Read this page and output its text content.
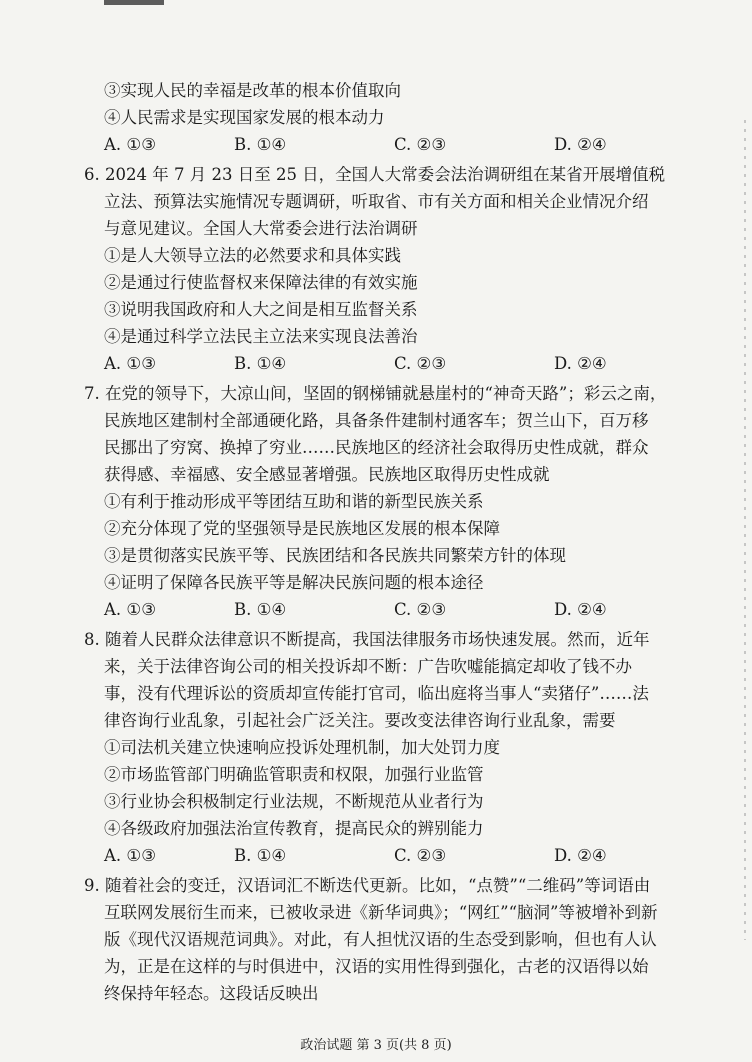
③实现人民的幸福是改革的根本价值取向
④人民需求是实现国家发展的根本动力
A. ①③	B. ①④	C. ②③	D. ②④
6. 2024 年 7 月 23 日至 25 日，全国人大常委会法治调研组在某省开展增值税
立法、预算法实施情况专题调研，听取省、市有关方面和相关企业情况介绍
与意见建议。全国人大常委会进行法治调研
①是人大领导立法的必然要求和具体实践
②是通过行使监督权来保障法律的有效实施
③说明我国政府和人大之间是相互监督关系
④是通过科学立法民主立法来实现良法善治
A. ①③	B. ①④	C. ②③	D. ②④
7. 在党的领导下，大凉山间，坚固的钢梯铺就悬崖村的“神奇天路”；彩云之南，
民族地区建制村全部通硬化路，具备条件建制村通客车；贺兰山下，百万移
民挪出了穷窝、换掉了穷业……民族地区的经济社会取得历史性成就，群众
获得感、幸福感、安全感显著增强。民族地区取得历史性成就
①有利于推动形成平等团结互助和谐的新型民族关系
②充分体现了党的坚强领导是民族地区发展的根本保障
③是贯彻落实民族平等、民族团结和各民族共同繁荣方针的体现
④证明了保障各民族平等是解决民族问题的根本途径
A. ①③	B. ①④	C. ②③	D. ②④
8. 随着人民群众法律意识不断提高，我国法律服务市场快速发展。然而，近年
来，关于法律咨询公司的相关投诉却不断：广告吹嘘能搞定却收了钱不办
事，没有代理诉讼的资质却宣传能打官司，临出庭将当事人“卖猪仔”……法
律咨询行业乱象，引起社会广泛关注。要改变法律咨询行业乱象，需要
①司法机关建立快速响应投诉处理机制，加大处罚力度
②市场监管部门明确监管职责和权限，加强行业监管
③行业协会积极制定行业法规，不断规范从业者行为
④各级政府加强法治宣传教育，提高民众的辨别能力
A. ①③	B. ①④	C. ②③	D. ②④
9. 随着社会的变迁，汉语词汇不断迭代更新。比如，“点赞”“二维码”等词语由
互联网发展衍生而来，已被收录进《新华词典》；“网红”“脑洞”等被增补到新
版《现代汉语规范词典》。对此，有人担忧汉语的生态受到影响，但也有人认
为，正是在这样的与时俱进中，汉语的实用性得到强化，古老的汉语得以始
终保持年轻态。这段话反映出
政治试题 第 3 页(共 8 页)
